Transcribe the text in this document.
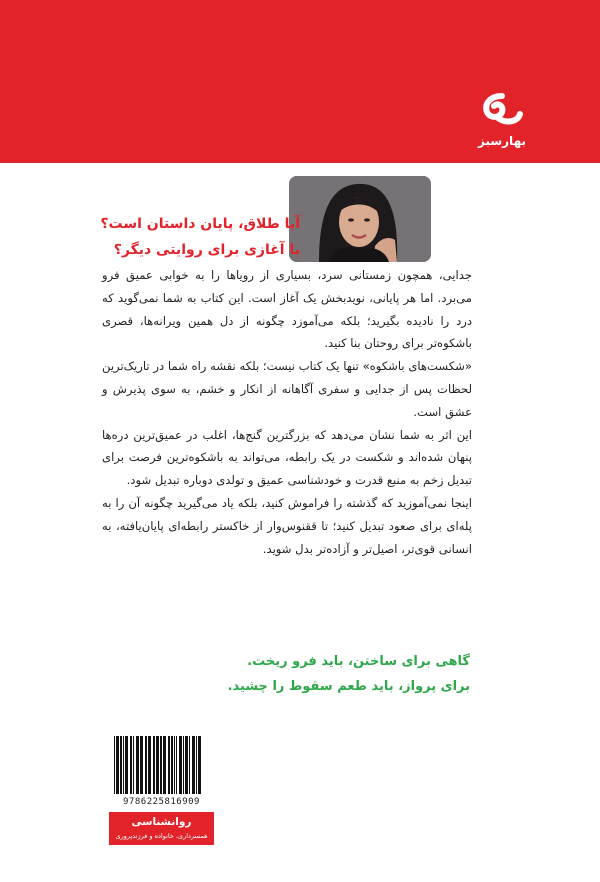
بهارسبز
آیا طلاق، پایان داستان است؟
یا آغازی برای روایتی دیگر؟

جدایی، همچون زمستانی سرد، بسیاری از رویاها را به خوابی عمیق فرو می‌برد. اما هر پایانی، نویدبخش یک آغاز است. این کتاب به شما نمی‌گوید که درد را نادیده بگیرید؛ بلکه می‌آموزد چگونه از دل همین ویرانه‌ها، قصری باشکوه‌تر برای روحتان بنا کنید.

«شکست‌های باشکوه» تنها یک کتاب نیست؛ بلکه نقشه راه شما در تاریک‌ترین لحظات پس از جدایی و سفری آگاهانه از انکار و خشم، به سوی پذیرش و عشق است.

این اثر به شما نشان می‌دهد که بزرگترین گنج‌ها، اغلب در عمیق‌ترین دره‌ها پنهان شده‌اند و شکست در یک رابطه، می‌تواند به باشکوه‌ترین فرصت برای تبدیل زخم به منبع قدرت و خودشناسی عمیق و تولدی دوباره تبدیل شود.

اینجا نمی‌آموزید که گذشته را فراموش کنید، بلکه یاد می‌گیرید چگونه آن را به پله‌ای برای صعود تبدیل کنید؛ تا ققنوس‌وار از خاکستر رابطه‌ای پایان‌یافته، به انسانی قوی‌تر، اصیل‌تر و آزاده‌تر بدل شوید.

گاهی برای ساختن، باید فرو ریخت.
برای پرواز، باید طعم سقوط را چشید.
9786225816909
روانشناسی
همسرداری، خانواده و فرزندپروری
